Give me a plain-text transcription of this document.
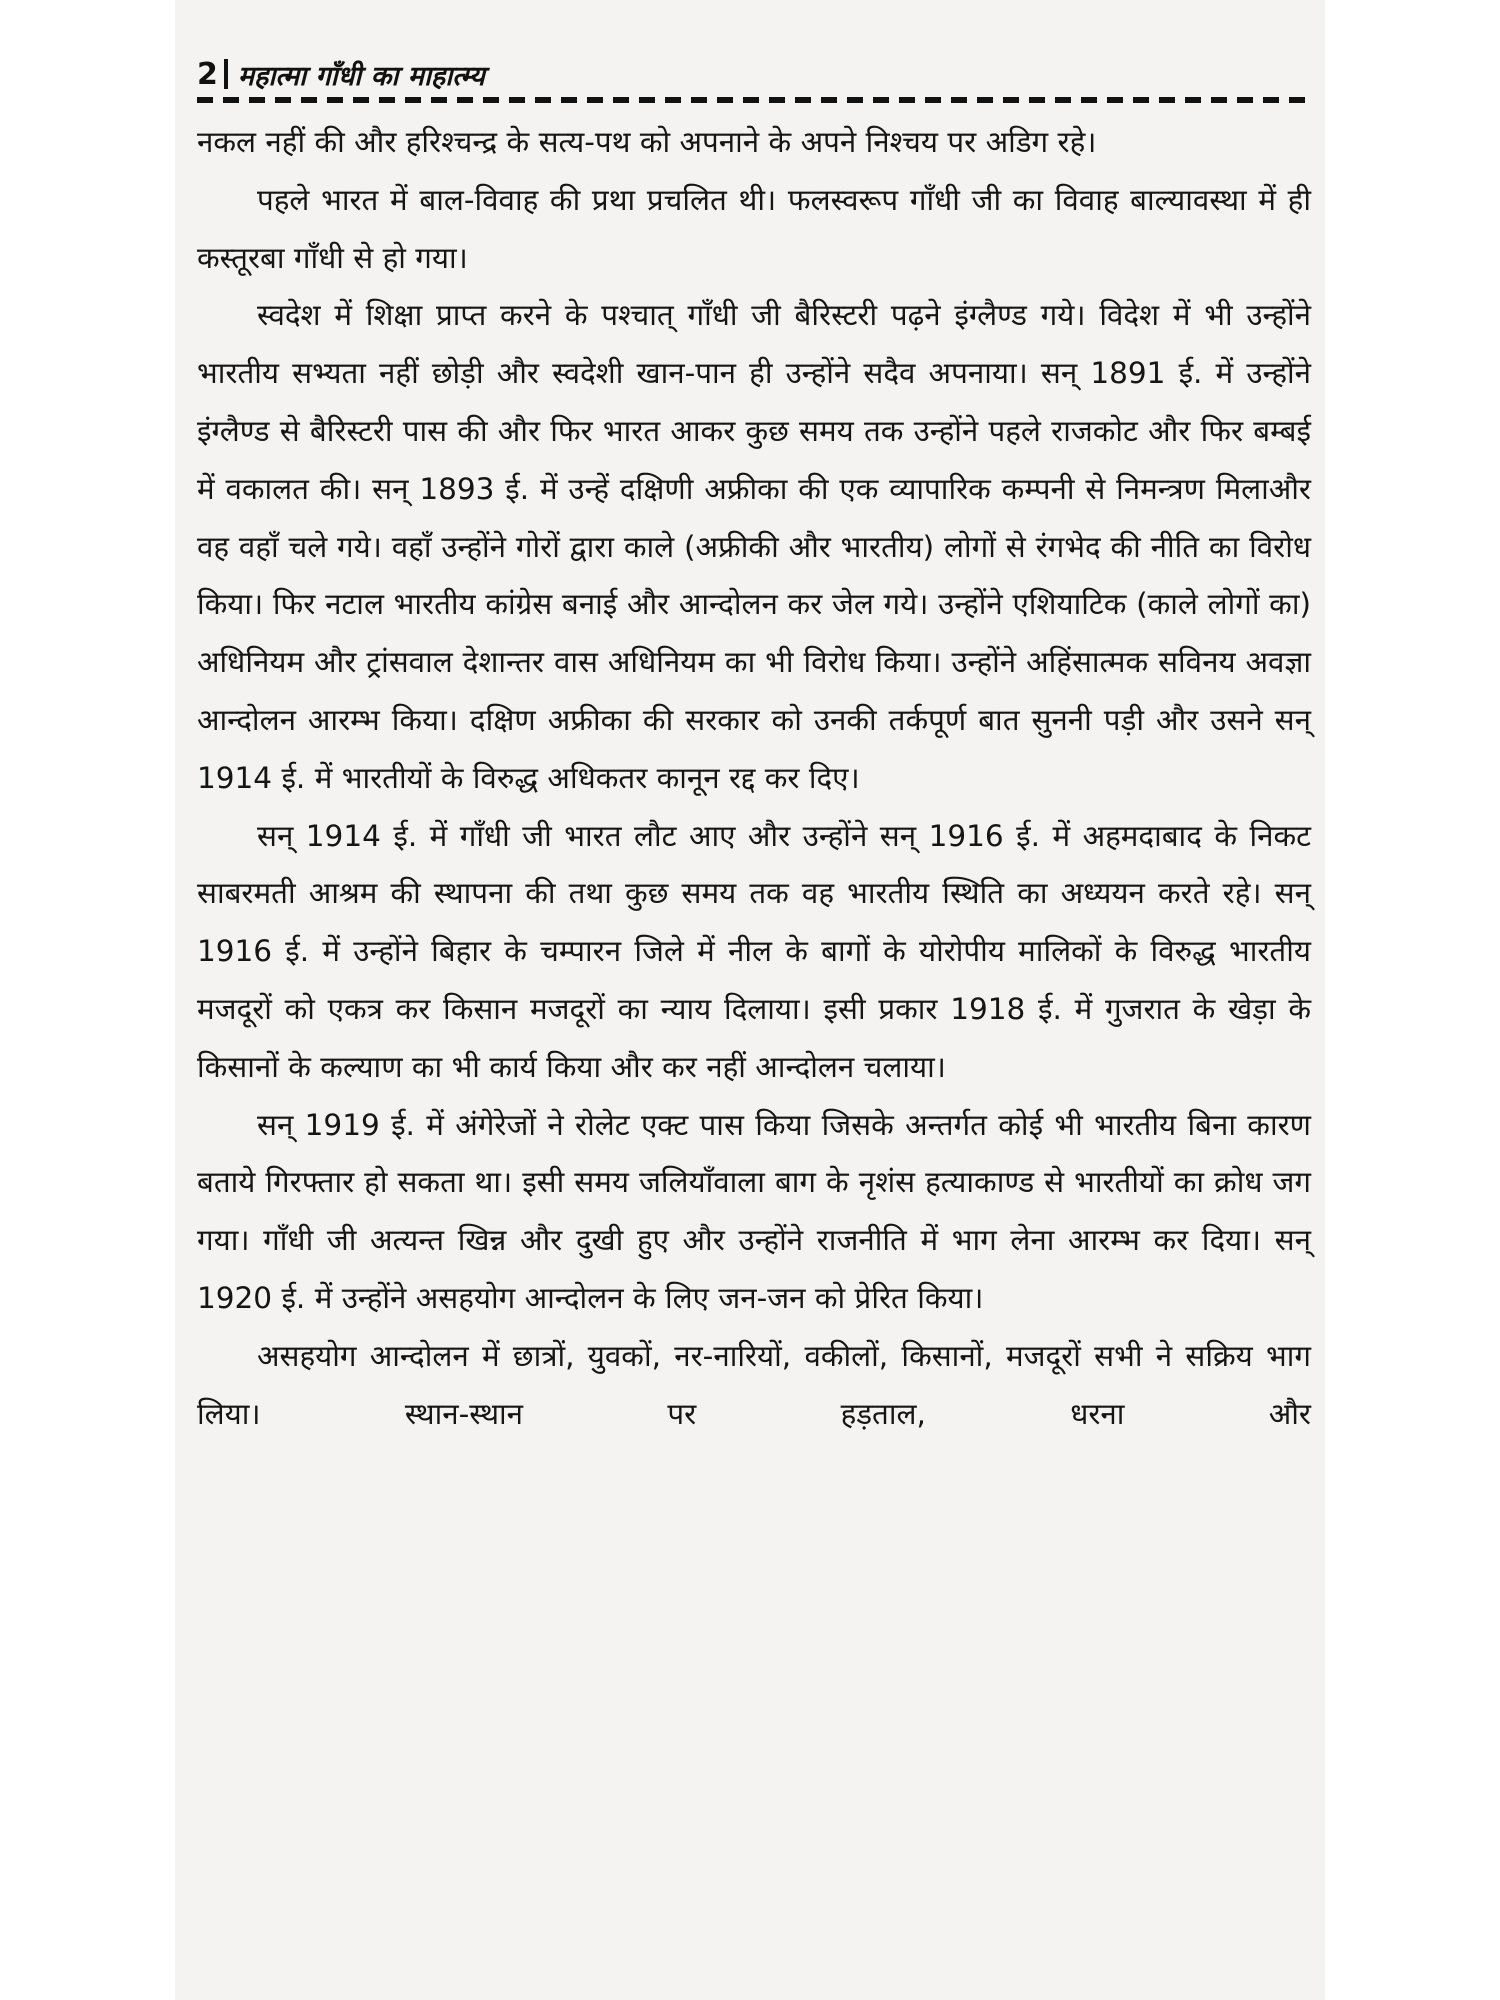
2 महात्मा गाँधी का माहात्म्य

नकल नहीं की और हरिश्चन्द्र के सत्य-पथ को अपनाने के अपने निश्चय पर अडिग रहे।

पहले भारत में बाल-विवाह की प्रथा प्रचलित थी। फलस्वरूप गाँधी जी का विवाह बाल्यावस्था में ही कस्तूरबा गाँधी से हो गया।

स्वदेश में शिक्षा प्राप्त करने के पश्चात् गाँधी जी बैरिस्टरी पढ़ने इंग्लैण्ड गये। विदेश में भी उन्होंने भारतीय सभ्यता नहीं छोड़ी और स्वदेशी खान-पान ही उन्होंने सदैव अपनाया। सन् 1891 ई. में उन्होंने इंग्लैण्ड से बैरिस्टरी पास की और फिर भारत आकर कुछ समय तक उन्होंने पहले राजकोट और फिर बम्बई में वकालत की। सन् 1893 ई. में उन्हें दक्षिणी अफ्रीका की एक व्यापारिक कम्पनी से निमन्त्रण मिलाऔर वह वहाँ चले गये। वहाँ उन्होंने गोरों द्वारा काले (अफ्रीकी और भारतीय) लोगों से रंगभेद की नीति का विरोध किया। फिर नटाल भारतीय कांग्रेस बनाई और आन्दोलन कर जेल गये। उन्होंने एशियाटिक (काले लोगों का) अधिनियम और ट्रांसवाल देशान्तर वास अधिनियम का भी विरोध किया। उन्होंने अहिंसात्मक सविनय अवज्ञा आन्दोलन आरम्भ किया। दक्षिण अफ्रीका की सरकार को उनकी तर्कपूर्ण बात सुननी पड़ी और उसने सन् 1914 ई. में भारतीयों के विरुद्ध अधिकतर कानून रद्द कर दिए।

सन् 1914 ई. में गाँधी जी भारत लौट आए और उन्होंने सन् 1916 ई. में अहमदाबाद के निकट साबरमती आश्रम की स्थापना की तथा कुछ समय तक वह भारतीय स्थिति का अध्ययन करते रहे। सन् 1916 ई. में उन्होंने बिहार के चम्पारन जिले में नील के बागों के योरोपीय मालिकों के विरुद्ध भारतीय मजदूरों को एकत्र कर किसान मजदूरों का न्याय दिलाया। इसी प्रकार 1918 ई. में गुजरात के खेड़ा के किसानों के कल्याण का भी कार्य किया और कर नहीं आन्दोलन चलाया।

सन् 1919 ई. में अंगेरेजों ने रोलेट एक्ट पास किया जिसके अन्तर्गत कोई भी भारतीय बिना कारण बताये गिरफ्तार हो सकता था। इसी समय जलियाँवाला बाग के नृशंस हत्याकाण्ड से भारतीयों का क्रोध जग गया। गाँधी जी अत्यन्त खिन्न और दुखी हुए और उन्होंने राजनीति में भाग लेना आरम्भ कर दिया। सन् 1920 ई. में उन्होंने असहयोग आन्दोलन के लिए जन-जन को प्रेरित किया।

असहयोग आन्दोलन में छात्रों, युवकों, नर-नारियों, वकीलों, किसानों, मजदूरों सभी ने सक्रिय भाग लिया। स्थान-स्थान पर हड़ताल, धरना और
